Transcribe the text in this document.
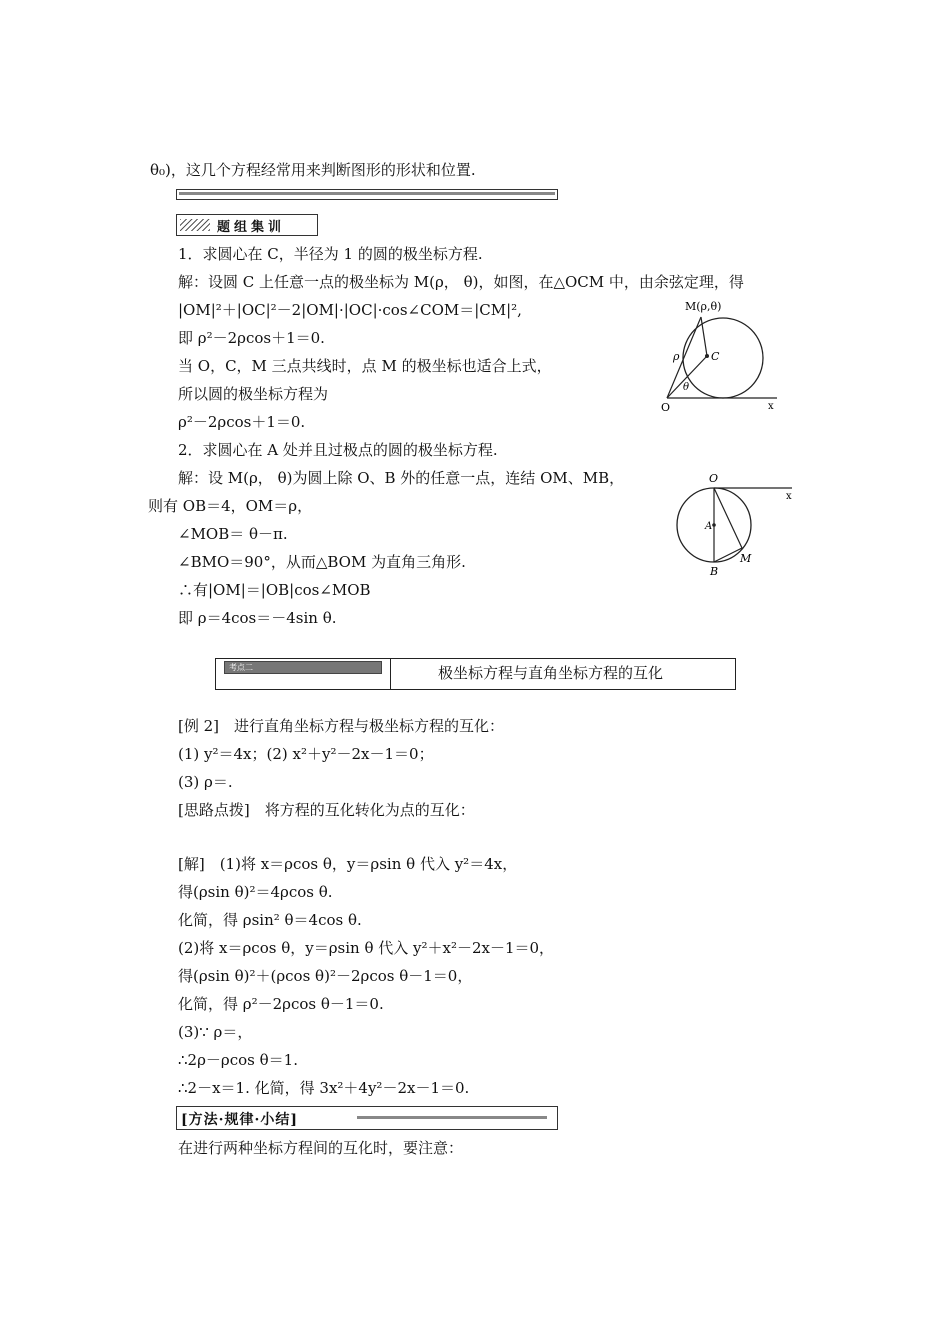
θ₀)，这几个方程经常用来判断图形的形状和位置.
题组集训
1．求圆心在 C，半径为 1 的圆的极坐标方程.
解：设圆 C 上任意一点的极坐标为 M(ρ， θ)，如图，在△OCM 中，由余弦定理，得
|OM|²＋|OC|²－2|OM|·|OC|·cos∠COM＝|CM|²,
即 ρ²－2ρcos＋1＝0.
当 O，C，M 三点共线时，点 M 的极坐标也适合上式，
所以圆的极坐标方程为
ρ²－2ρcos＋1＝0.
M(ρ,θ)
C
ρ
θ
O	x
2．求圆心在 A 处并且过极点的圆的极坐标方程.
解：设 M(ρ， θ)为圆上除 O、B 外的任意一点，连结 OM、MB，
则有 OB＝4，OM＝ρ，
∠MOB＝ θ－π.
∠BMO＝90°，从而△BOM 为直角三角形.
∴有|OM|＝|OB|cos∠MOB
即 ρ＝4cos＝－4sin θ.
O
A
B
M
x
考点二	极坐标方程与直角坐标方程的互化
[例 2]　进行直角坐标方程与极坐标方程的互化：
(1) y²＝4x；(2) x²＋y²－2x－1＝0；
(3) ρ＝.
[思路点拨]　将方程的互化转化为点的互化：
[解]　(1)将 x＝ρcos θ，y＝ρsin θ 代入 y²＝4x，
得(ρsin θ)²＝4ρcos θ.
化简，得 ρsin² θ＝4cos θ.
(2)将 x＝ρcos θ，y＝ρsin θ 代入 y²＋x²－2x－1＝0，
得(ρsin θ)²＋(ρcos θ)²－2ρcos θ－1＝0，
化简，得 ρ²－2ρcos θ－1＝0.
(3)∵ ρ＝，
∴2ρ－ρcos θ＝1.
∴2－x＝1. 化简，得 3x²＋4y²－2x－1＝0.
[方法·规律·小结]
在进行两种坐标方程间的互化时，要注意：
